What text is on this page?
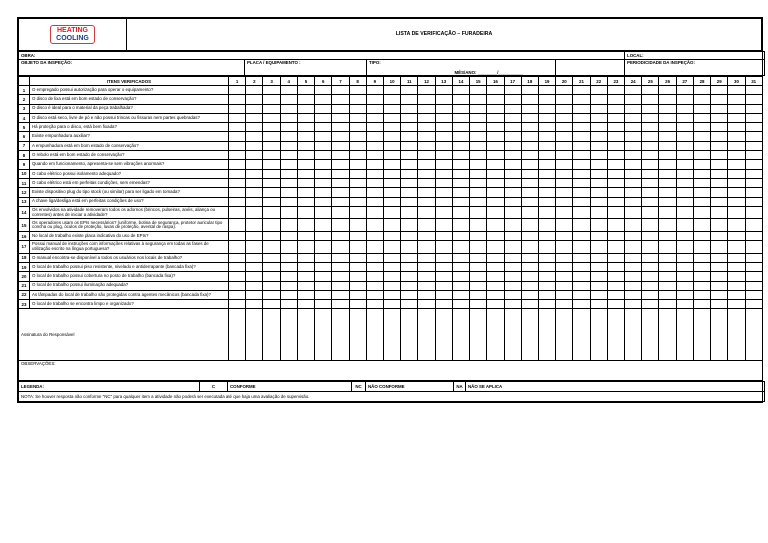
HEATING
COOLING	LISTA DE VERIFICAÇÃO – FURADEIRA
OBRA:					LOCAL:
OBJETO DA INSPEÇÃO:	PLACA / EQUIPAMENTO :	TIPO:	MÊS/ANO: ________/__________		PERIODICIDADE DA INSPEÇÃO:
	ITENS VERIFICADOS	1	2	3	4	5	6	7	8	9	10	11	12	13	14	15	16	17	18	19	20	21	22	23	24	25	26	27	28	29	30	31
1	O empregado possui autorização para operar o equipamento?																															
2	O disco de lixa está em bom estado de conservação?																															
3	O disco é ideal para o material da peça trabalhada?																															
4	O disco está seco, livre de pó e não possui trincas ou fissuras nem partes quebradas?																															
5	Há proteção para o disco, está bem fixada?																															
6	Existe empunhadura auxiliar?																															
7	A empunhadura está em bom estado de conservação?																															
8	O rebolo está em bom estado de conservação?																															
9	Quando em funcionamento, apresenta-se sem vibrações anormais?																															
10	O cabo elétrico possui isolamento adequado?																															
11	O cabo elétrico está em perfeitas condições, sem emendas?																															
12	Existe dispositivo plug do tipo stock (ou similar) para ser ligado em tomada?																															
13	A chave liga/desliga está em perfeitas condições de uso?																															
14	Os envolvidos na atividade removeram todos os adornos (brincos, pulseiras, anéis, aliança ou correntes) antes de iniciar a atividade?																															
15	Os operadores usam os EPIs necessários? (uniforme, botina de segurança, protetor auricular tipo concha ou plug, óculos de proteção, luvas de proteção, avental de raspa).																															
16	No local de trabalho existe placa indicativa do uso de EPIs?																															
17	Possui manual de instruções com informações relativas à segurança em todas as fases de utilização escrito na língua portuguesa?																															
18	O manual encontra-se disponível a todos os usuários nos locais de trabalho?																															
19	O local de trabalho possui piso resistente, nivelado e antiderrapante (bancada fixa)?																															
20	O local de trabalho possui cobertura no posto de trabalho (bancada fixa)?																															
21	O local de trabalho possui iluminação adequada?																															
22	As lâmpadas do local de trabalho são protegidas contra agentes mecânicos (bancada fixa)?																															
23	O local de trabalho se encontra limpo e organizado?																															
Assinatura do Responsável																																
OBSERVAÇÕES:																																
LEGENDA:	C	CONFORME	NC	NÃO CONFORME	NA	NÃO SE APLICA
NOTA: Se houver resposta não conforme "NC" para qualquer item a atividade não poderá ser executada até que haja uma avaliação de supervisão.
